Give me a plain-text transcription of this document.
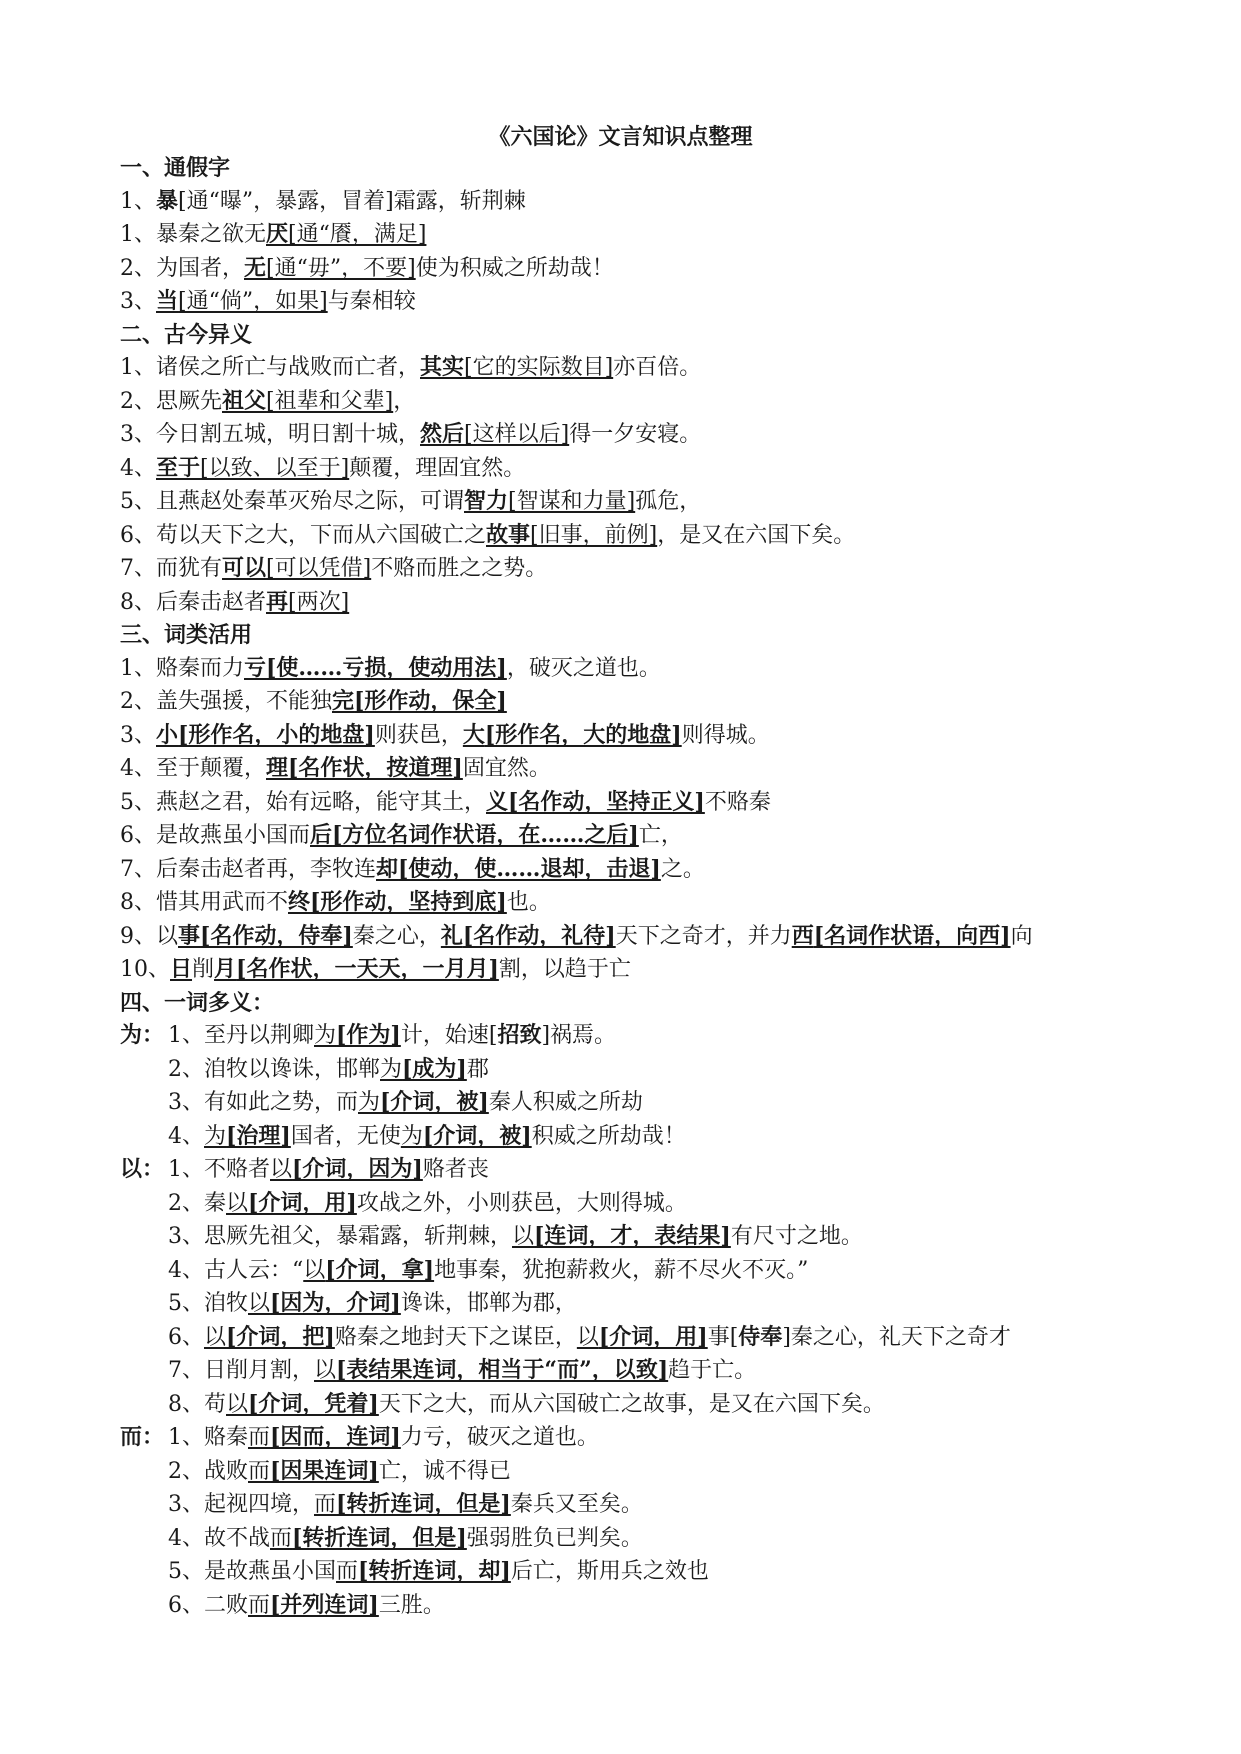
《六国论》文言知识点整理
一、通假字
1、暴[通“曝”，暴露，冒着]霜露，斩荆棘
1、暴秦之欲无厌[通“餍，满足]
2、为国者，无[通“毋”，不要]使为积威之所劫哉！
3、当[通“倘”，如果]与秦相较
二、古今异义
1、诸侯之所亡与战败而亡者，其实[它的实际数目]亦百倍。
2、思厥先祖父[祖辈和父辈]，
3、今日割五城，明日割十城，然后[这样以后]得一夕安寝。
4、至于[以致、以至于]颠覆，理固宜然。
5、且燕赵处秦革灭殆尽之际，可谓智力[智谋和力量]孤危，
6、苟以天下之大，下而从六国破亡之故事[旧事，前例]，是又在六国下矣。
7、而犹有可以[可以凭借]不赂而胜之之势。
8、后秦击赵者再[两次]
三、词类活用
1、赂秦而力亏[使……亏损，使动用法]，破灭之道也。
2、盖失强援，不能独完[形作动，保全]
3、小[形作名，小的地盘]则获邑，大[形作名，大的地盘]则得城。
4、至于颠覆，理[名作状，按道理]固宜然。
5、燕赵之君，始有远略，能守其土，义[名作动，坚持正义]不赂秦
6、是故燕虽小国而后[方位名词作状语，在……之后]亡，
7、后秦击赵者再，李牧连却[使动，使……退却，击退]之。
8、惜其用武而不终[形作动，坚持到底]也。
9、以事[名作动，侍奉]秦之心，礼[名作动，礼待]天下之奇才，并力西[名词作状语，向西]向
10、日削月[名作状，一天天，一月月]割，以趋于亡
四、一词多义：
为： 1、至丹以荆卿为[作为]计，始速[招致]祸焉。
2、洎牧以谗诛，邯郸为[成为]郡
3、有如此之势，而为[介词，被]秦人积威之所劫
4、为[治理]国者，无使为[介词，被]积威之所劫哉！
以： 1、不赂者以[介词，因为]赂者丧
2、秦以[介词，用]攻战之外，小则获邑，大则得城。
3、思厥先祖父，暴霜露，斩荆棘，以[连词，才，表结果]有尺寸之地。
4、古人云：“以[介词，拿]地事秦，犹抱薪救火，薪不尽火不灭。”
5、洎牧以[因为，介词]谗诛，邯郸为郡，
6、以[介词，把]赂秦之地封天下之谋臣，以[介词，用]事[侍奉]秦之心，礼天下之奇才
7、日削月割，以[表结果连词，相当于“而”，以致]趋于亡。
8、苟以[介词，凭着]天下之大，而从六国破亡之故事，是又在六国下矣。
而： 1、赂秦而[因而，连词]力亏，破灭之道也。
2、战败而[因果连词]亡，诚不得已
3、起视四境，而[转折连词，但是]秦兵又至矣。
4、故不战而[转折连词，但是]强弱胜负已判矣。
5、是故燕虽小国而[转折连词，却]后亡，斯用兵之效也
6、二败而[并列连词]三胜。
